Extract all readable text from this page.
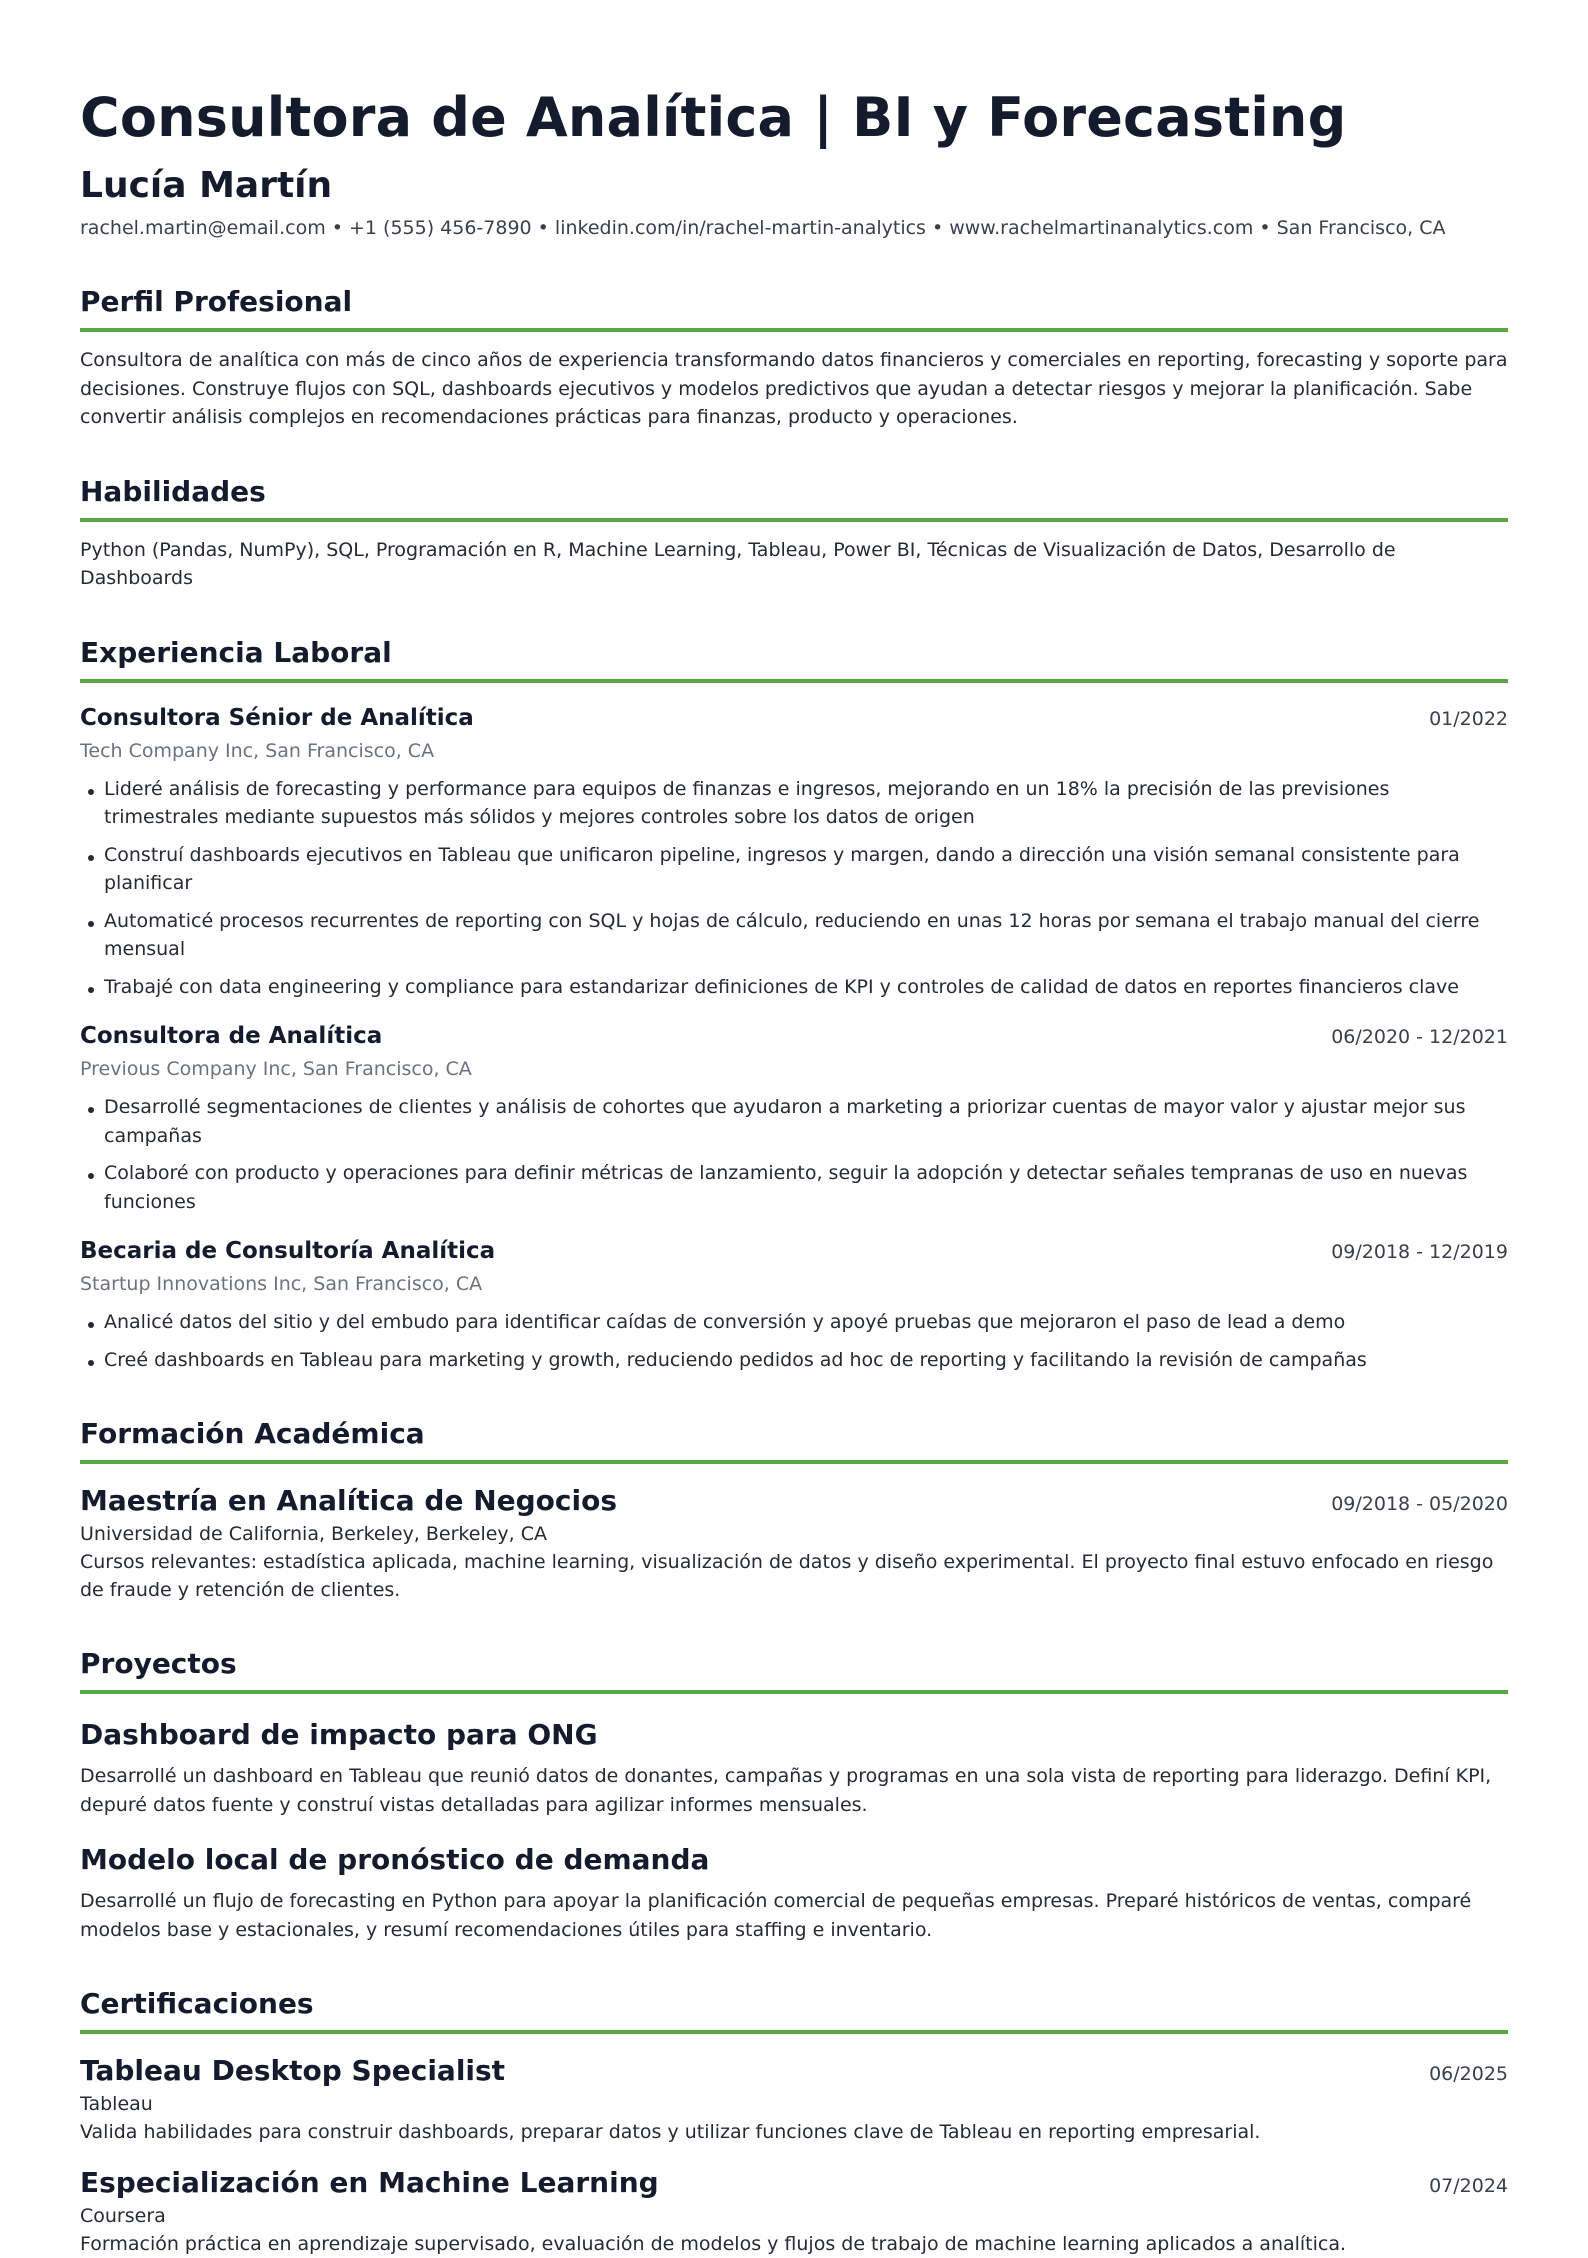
Consultora de Analítica | BI y Forecasting
Lucía Martín
rachel.martin@email.com • +1 (555) 456-7890 • linkedin.com/in/rachel-martin-analytics • www.rachelmartinanalytics.com • San Francisco, CA
Perfil Profesional
Consultora de analítica con más de cinco años de experiencia transformando datos financieros y comerciales en reporting, forecasting y soporte para decisiones. Construye flujos con SQL, dashboards ejecutivos y modelos predictivos que ayudan a detectar riesgos y mejorar la planificación. Sabe convertir análisis complejos en recomendaciones prácticas para finanzas, producto y operaciones.
Habilidades
Python (Pandas, NumPy), SQL, Programación en R, Machine Learning, Tableau, Power BI, Técnicas de Visualización de Datos, Desarrollo de Dashboards
Experiencia Laboral
Consultora Sénior de Analítica	01/2022
Tech Company Inc, San Francisco, CA
Lideré análisis de forecasting y performance para equipos de finanzas e ingresos, mejorando en un 18% la precisión de las previsiones trimestrales mediante supuestos más sólidos y mejores controles sobre los datos de origen
Construí dashboards ejecutivos en Tableau que unificaron pipeline, ingresos y margen, dando a dirección una visión semanal consistente para planificar
Automaticé procesos recurrentes de reporting con SQL y hojas de cálculo, reduciendo en unas 12 horas por semana el trabajo manual del cierre mensual
Trabajé con data engineering y compliance para estandarizar definiciones de KPI y controles de calidad de datos en reportes financieros clave
Consultora de Analítica	06/2020 - 12/2021
Previous Company Inc, San Francisco, CA
Desarrollé segmentaciones de clientes y análisis de cohortes que ayudaron a marketing a priorizar cuentas de mayor valor y ajustar mejor sus campañas
Colaboré con producto y operaciones para definir métricas de lanzamiento, seguir la adopción y detectar señales tempranas de uso en nuevas funciones
Becaria de Consultoría Analítica	09/2018 - 12/2019
Startup Innovations Inc, San Francisco, CA
Analicé datos del sitio y del embudo para identificar caídas de conversión y apoyé pruebas que mejoraron el paso de lead a demo
Creé dashboards en Tableau para marketing y growth, reduciendo pedidos ad hoc de reporting y facilitando la revisión de campañas
Formación Académica
Maestría en Analítica de Negocios	09/2018 - 05/2020
Universidad de California, Berkeley, Berkeley, CA
Cursos relevantes: estadística aplicada, machine learning, visualización de datos y diseño experimental. El proyecto final estuvo enfocado en riesgo de fraude y retención de clientes.
Proyectos
Dashboard de impacto para ONG
Desarrollé un dashboard en Tableau que reunió datos de donantes, campañas y programas en una sola vista de reporting para liderazgo. Definí KPI, depuré datos fuente y construí vistas detalladas para agilizar informes mensuales.
Modelo local de pronóstico de demanda
Desarrollé un flujo de forecasting en Python para apoyar la planificación comercial de pequeñas empresas. Preparé históricos de ventas, comparé modelos base y estacionales, y resumí recomendaciones útiles para staffing e inventario.
Certificaciones
Tableau Desktop Specialist	06/2025
Tableau
Valida habilidades para construir dashboards, preparar datos y utilizar funciones clave de Tableau en reporting empresarial.
Especialización en Machine Learning	07/2024
Coursera
Formación práctica en aprendizaje supervisado, evaluación de modelos y flujos de trabajo de machine learning aplicados a analítica.
